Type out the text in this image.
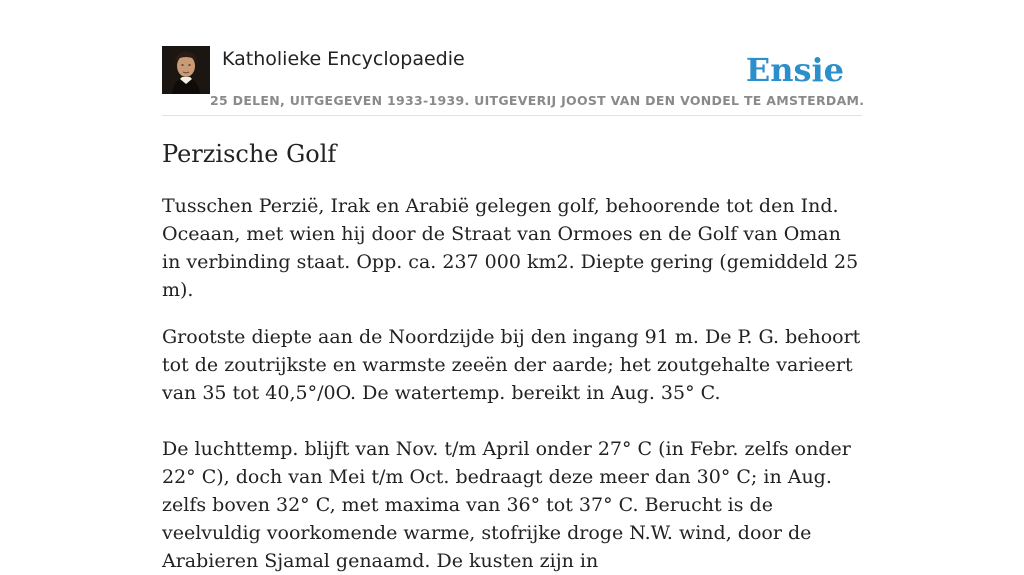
Katholieke Encyclopaedie
25 DELEN, UITGEGEVEN 1933-1939. UITGEVERIJ JOOST VAN DEN VONDEL TE AMSTERDAM.
Ensie
Perzische Golf

Tusschen Perzië, Irak en Arabië gelegen golf, behoorende tot den Ind. Oceaan, met wien hij door de Straat van Ormoes en de Golf van Oman in verbinding staat. Opp. ca. 237 000 km2. Diepte gering (gemiddeld 25 m).

Grootste diepte aan de Noordzijde bij den ingang 91 m. De P. G. behoort tot de zoutrijkste en warmste zeeën der aarde; het zoutgehalte varieert van 35 tot 40,5°/0O. De watertemp. bereikt in Aug. 35° C.

De luchttemp. blijft van Nov. t/m April onder 27° C (in Febr. zelfs onder 22° C), doch van Mei t/m Oct. bedraagt deze meer dan 30° C; in Aug. zelfs boven 32° C, met maxima van 36° tot 37° C. Berucht is de veelvuldig voorkomende warme, stofrijke droge N.W. wind, door de Arabieren Sjamal genaamd. De kusten zijn in
